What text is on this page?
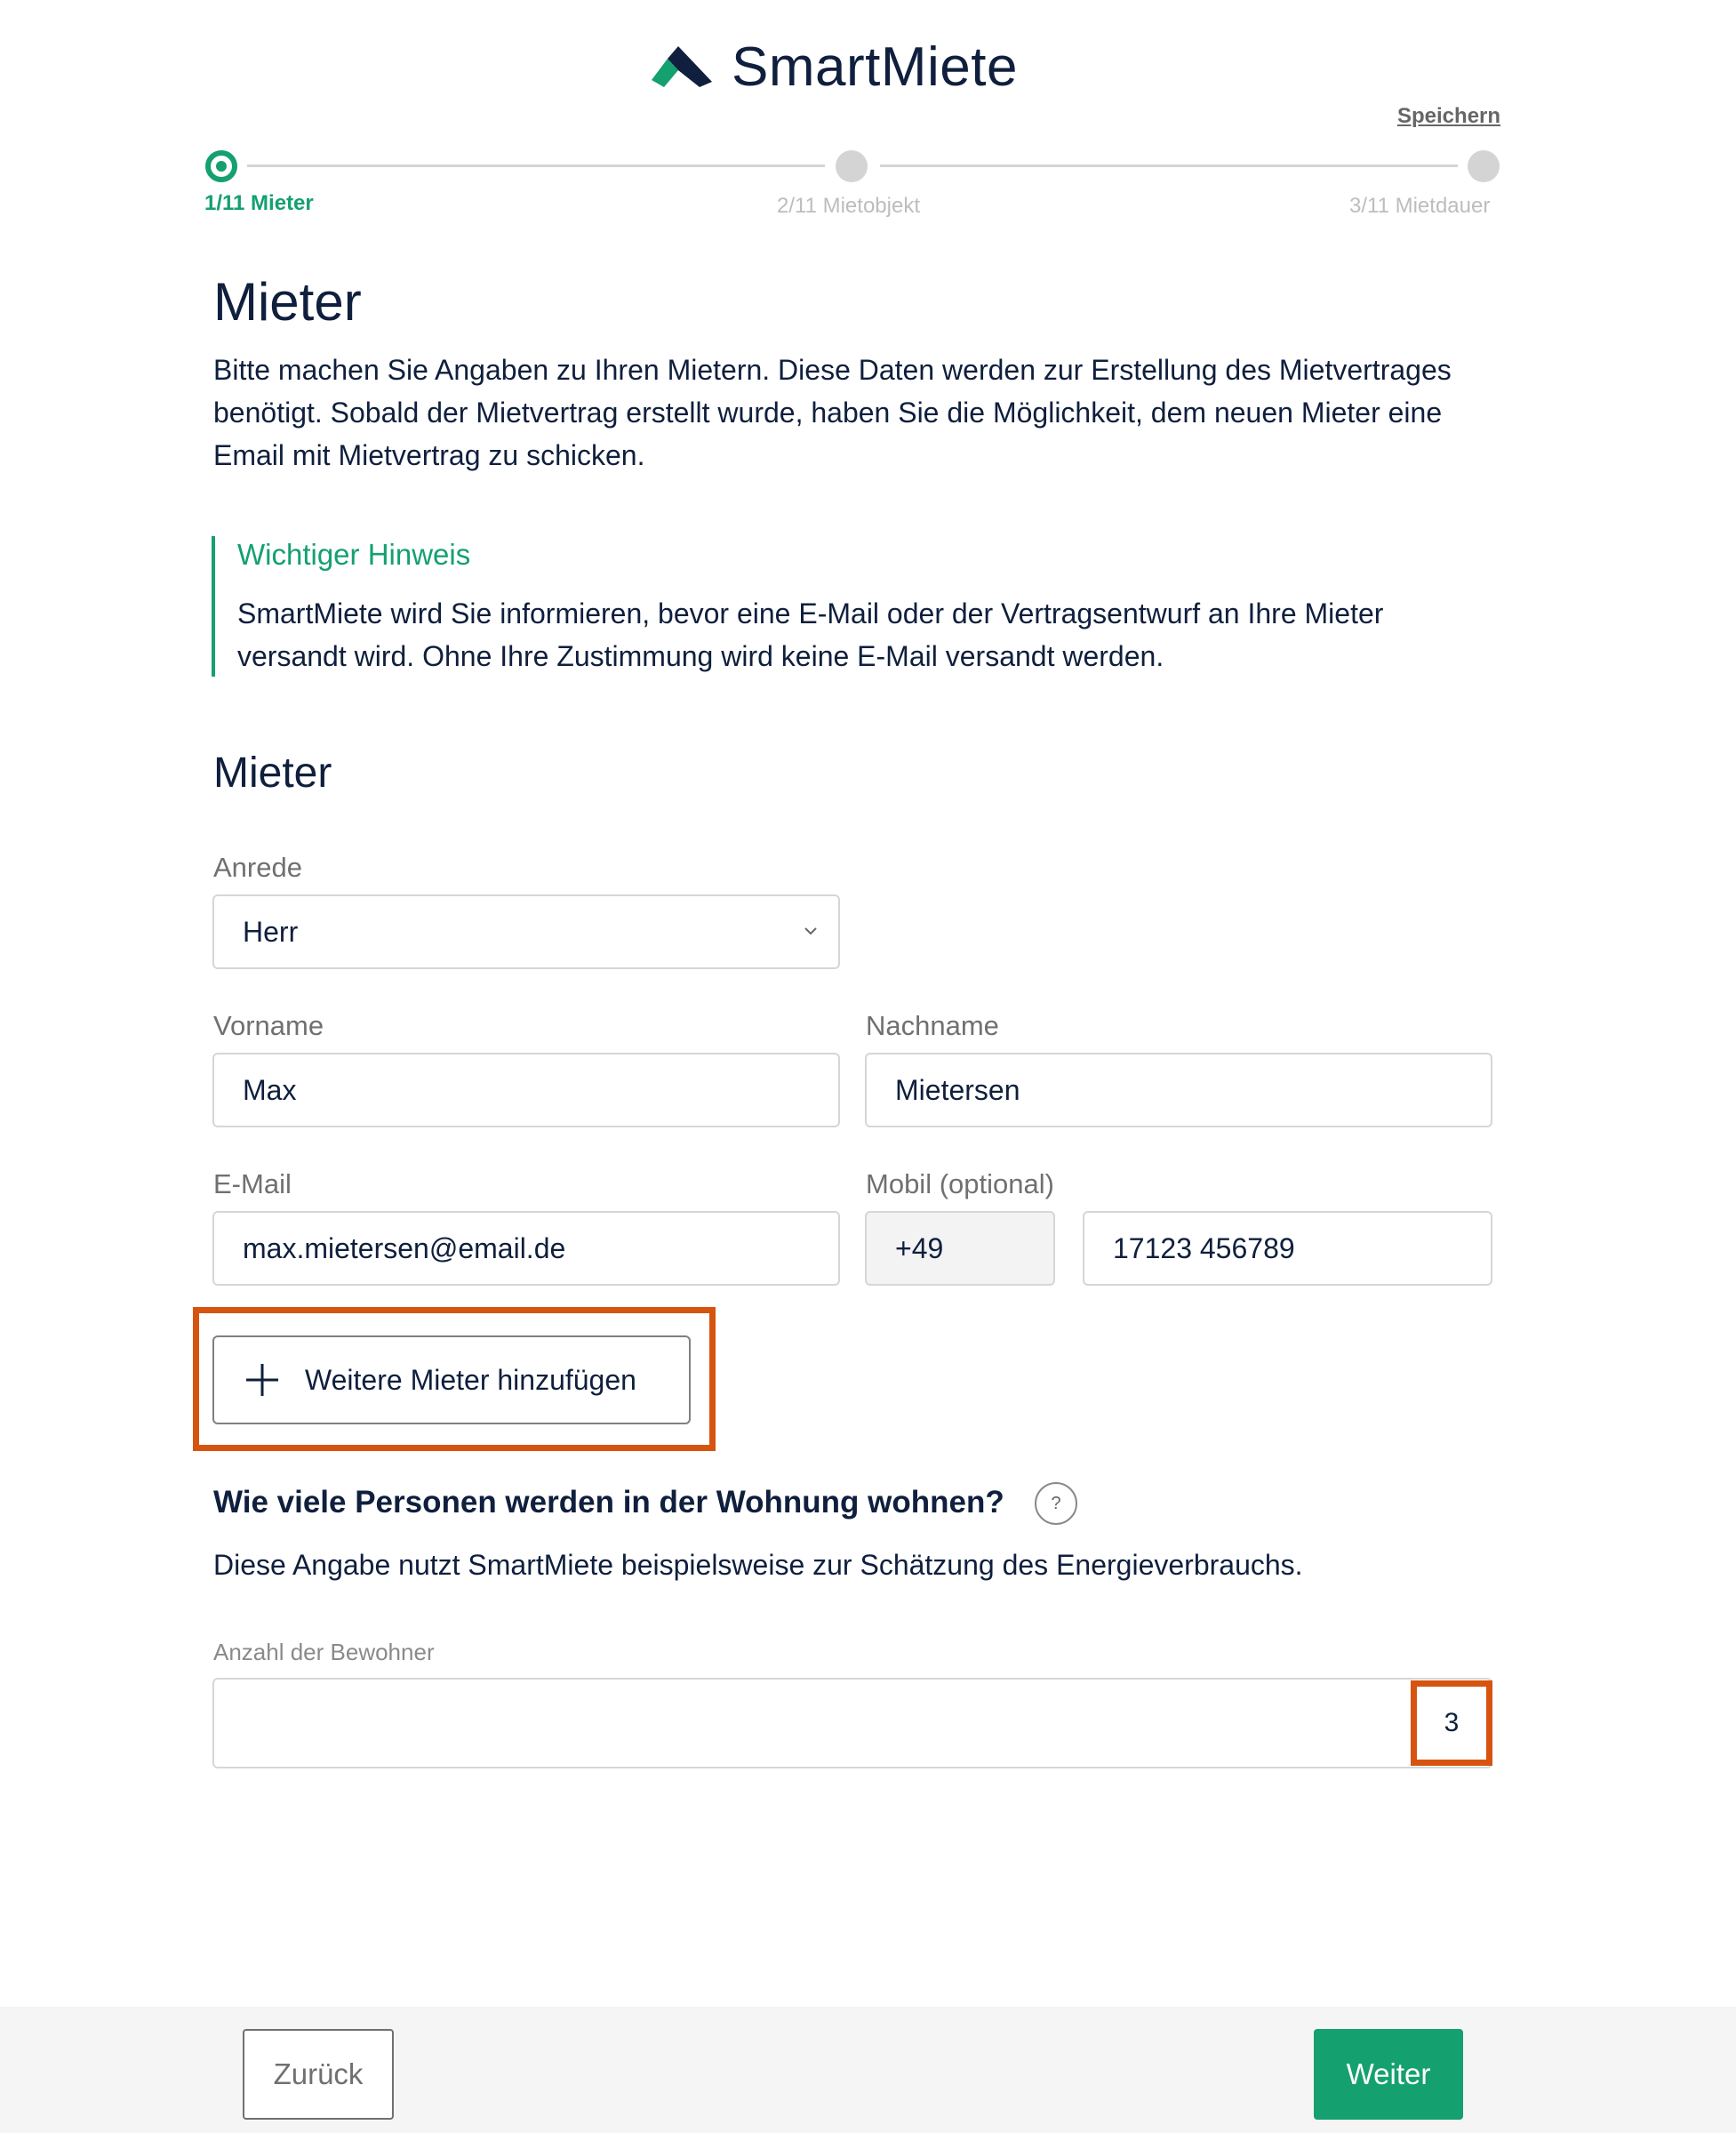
SmartMiete
Speichern
1/11 Mieter	2/11 Mietobjekt	3/11 Mietdauer
Mieter

Bitte machen Sie Angaben zu Ihren Mietern. Diese Daten werden zur Erstellung des Mietvertrages benötigt. Sobald der Mietvertrag erstellt wurde, haben Sie die Möglichkeit, dem neuen Mieter eine Email mit Mietvertrag zu schicken.

Wichtiger Hinweis

SmartMiete wird Sie informieren, bevor eine E-Mail oder der Vertragsentwurf an Ihre Mieter versandt wird. Ohne Ihre Zustimmung wird keine E-Mail versandt werden.

Mieter
Anrede
Herr
Vorname
Max
Nachname
Mietersen
E-Mail
max.mietersen@email.de
Mobil (optional)
+49	17123 456789
Weitere Mieter hinzufügen
Wie viele Personen werden in der Wohnung wohnen?	?
Diese Angabe nutzt SmartMiete beispielsweise zur Schätzung des Energieverbrauchs.
Anzahl der Bewohner
3
Zurück	Weiter
